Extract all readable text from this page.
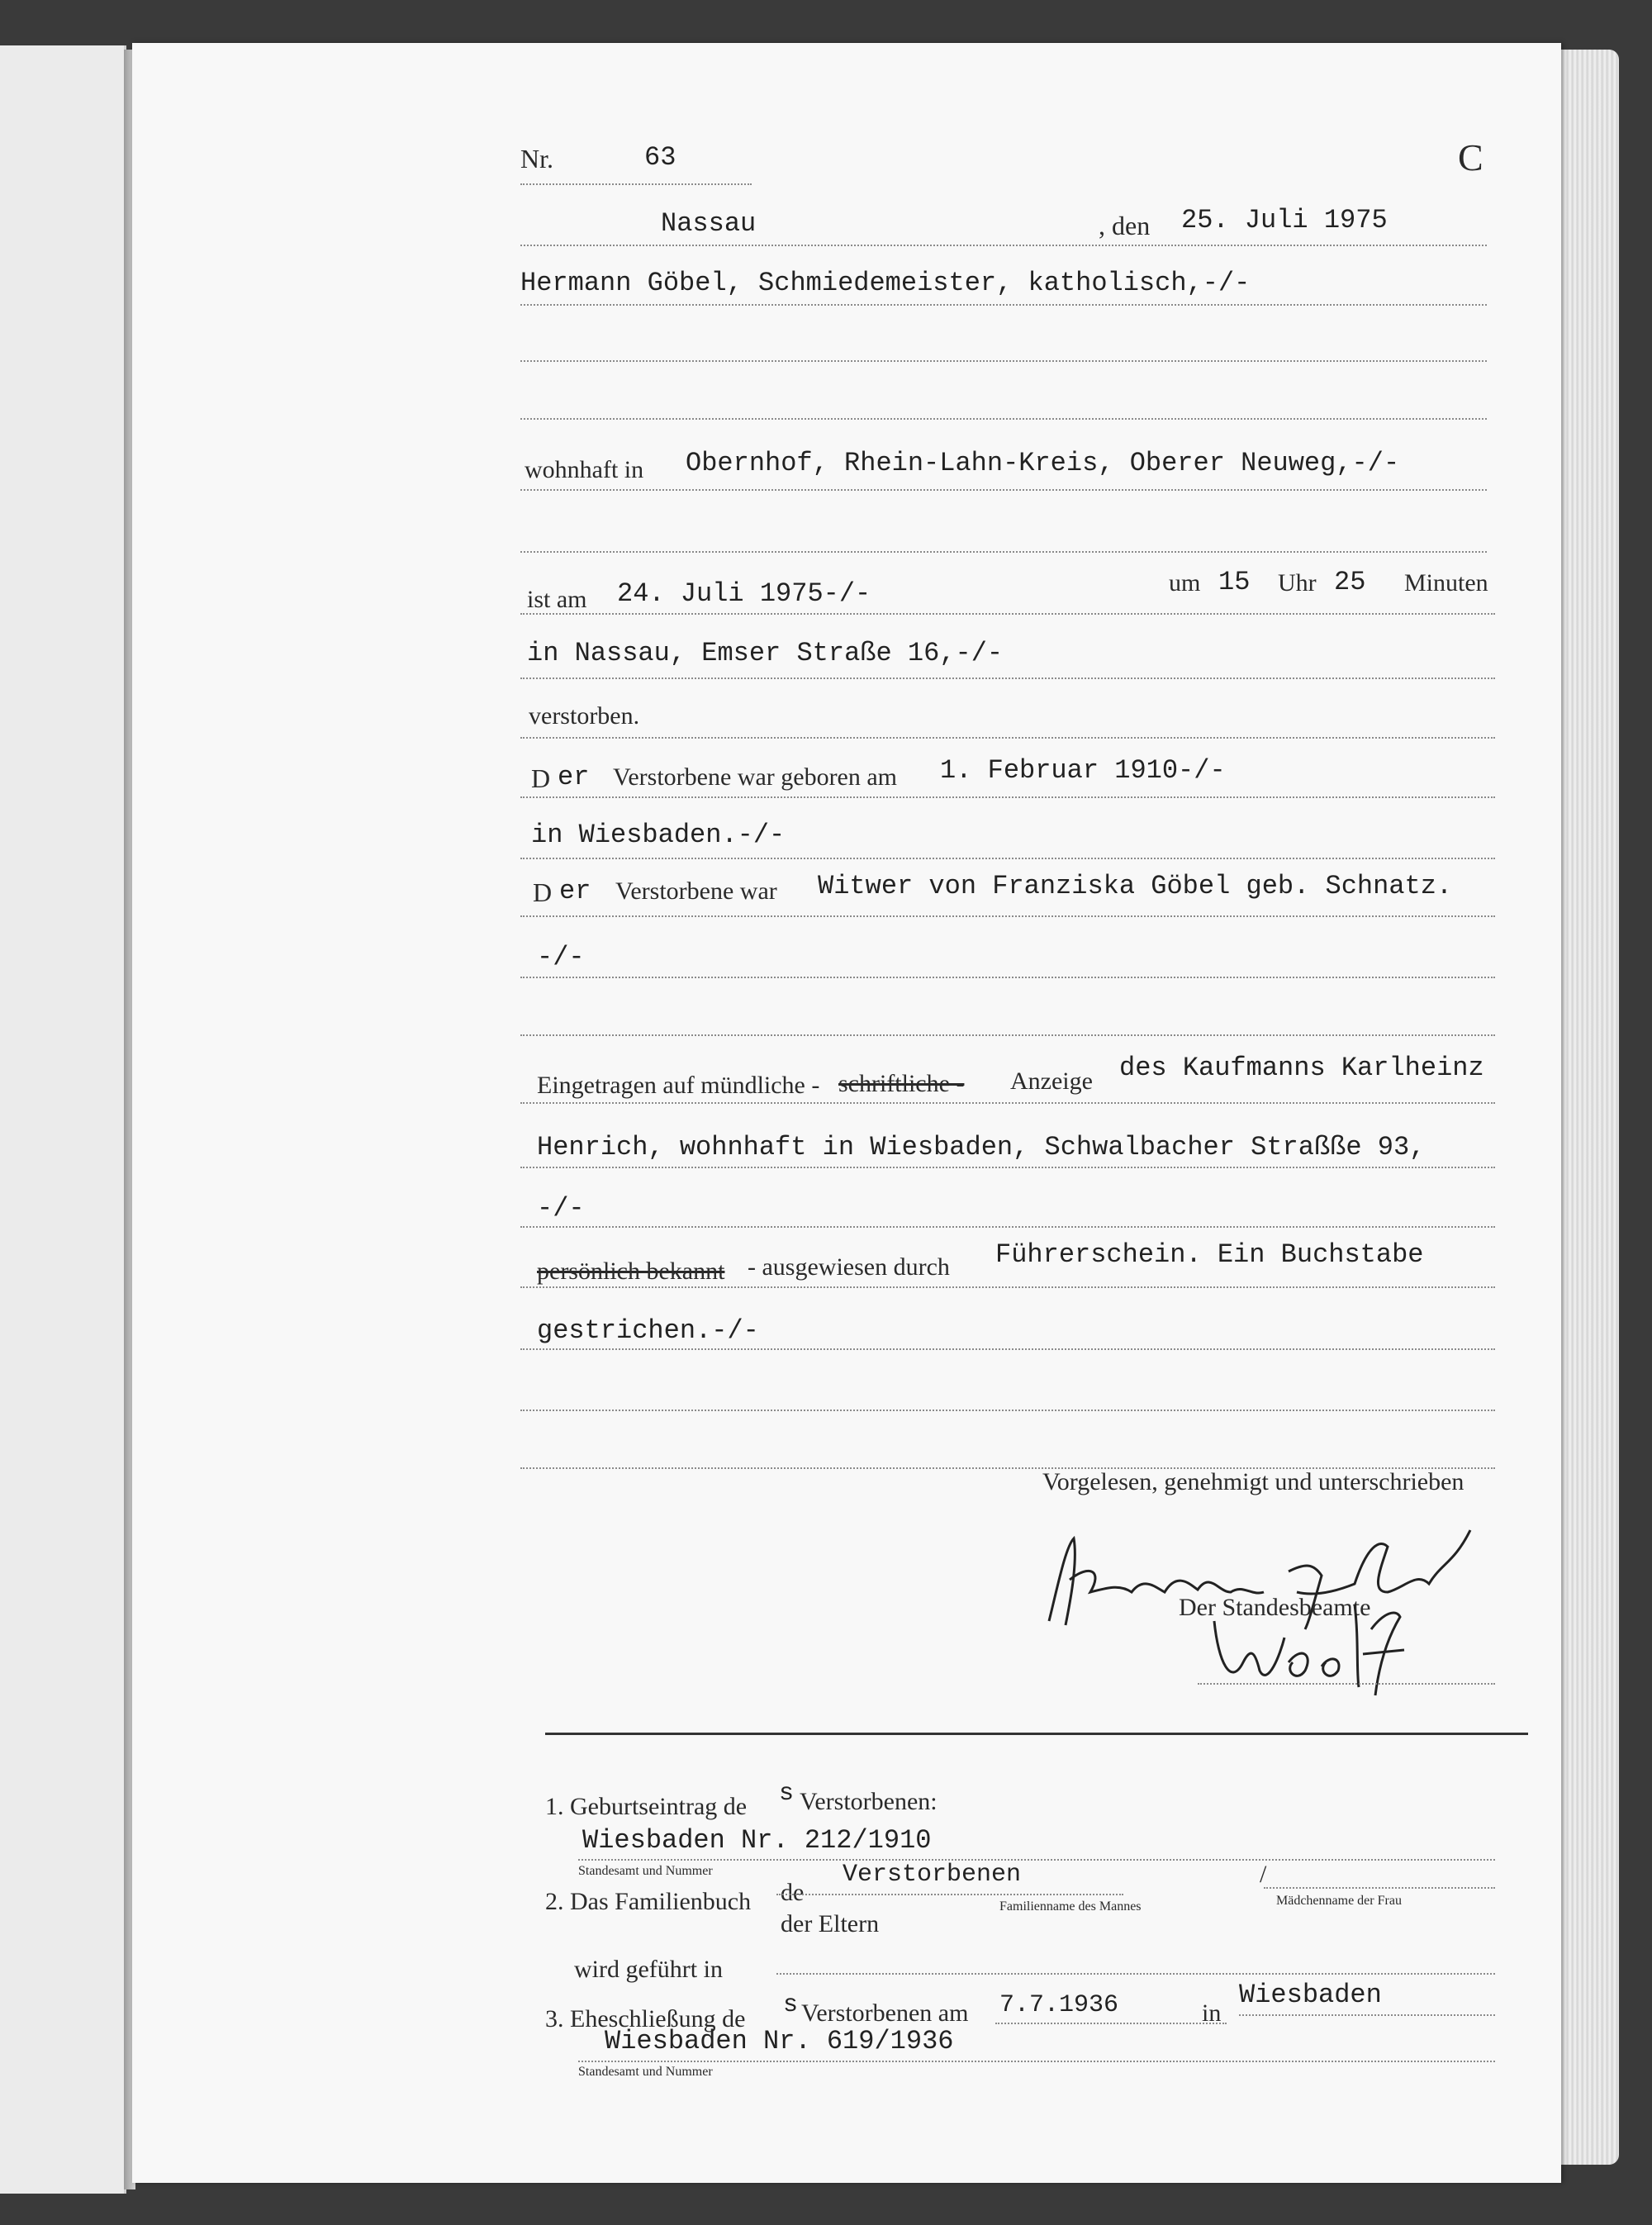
Nr.	63	C
Nassau	, den 25. Juli 1975
Hermann Göbel, Schmiedemeister, katholisch,-/-
wohnhaft in Obernhof, Rhein-Lahn-Kreis, Oberer Neuweg,-/-
ist am 24. Juli 1975-/-	um 15 Uhr 25 Minuten
in Nassau, Emser Straße 16,-/-
verstorben.
D er Verstorbene war geboren am 1. Februar 1910-/-
in Wiesbaden.-/-
D er Verstorbene war Witwer von Franziska Göbel geb. Schnatz.
-/-
Eingetragen auf mündliche - schriftliche - Anzeige des Kaufmanns Karlheinz
Henrich, wohnhaft in Wiesbaden, Schwalbacher Straßße 93,
-/-
persönlich bekannt - ausgewiesen durch Führerschein. Ein Buchstabe
gestrichen.-/-
Vorgelesen, genehmigt und unterschrieben
Der Standesbeamte
1. Geburtseintrag de s Verstorbenen:
Wiesbaden Nr. 212/1910
Standesamt und Nummer
2. Das Familienbuch de
Verstorbenen
der Eltern
/
Familienname des Mannes	Mädchenname der Frau
wird geführt in
3. Eheschließung de s Verstorbenen am 7.7.1936	in
Wiesbaden
Wiesbaden Nr. 619/1936
Standesamt und Nummer
